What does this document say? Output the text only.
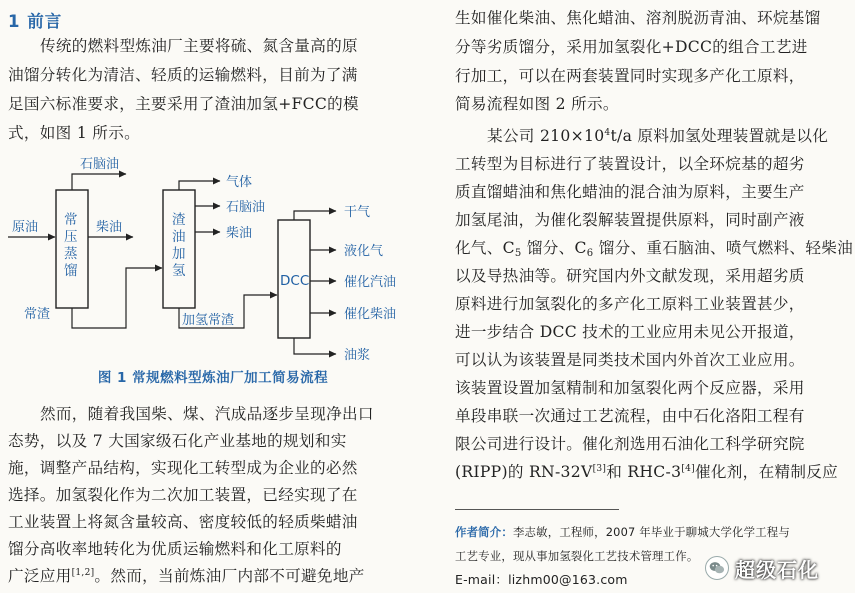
1 前言
传统的燃料型炼油厂主要将硫、氮含量高的原
油馏分转化为清洁、轻质的运输燃料，目前为了满
足国六标准要求，主要采用了渣油加氢+FCC的模
式，如图 1 所示。
原油
石脑油
柴油
常渣
常
压
蒸
馏
渣
油
加
氢
气体
石脑油
柴油
加氢常渣
DCC
干气
液化气
催化汽油
催化柴油
油浆
图 1 常规燃料型炼油厂加工简易流程
然而，随着我国柴、煤、汽成品逐步呈现净出口
态势，以及 7 大国家级石化产业基地的规划和实
施，调整产品结构，实现化工转型成为企业的必然
选择。加氢裂化作为二次加工装置，已经实现了在
工业装置上将氮含量较高、密度较低的轻质柴蜡油
馏分高收率地转化为优质运输燃料和化工原料的
广泛应用[1,2]。然而，当前炼油厂内部不可避免地产
生如催化柴油、焦化蜡油、溶剂脱沥青油、环烷基馏
分等劣质馏分，采用加氢裂化+DCC的组合工艺进
行加工，可以在两套装置同时实现多产化工原料，
简易流程如图 2 所示。
某公司 $210\times 10^4t/a$ 原料加氢处理装置就是以化
工转型为目标进行了装置设计，以全环烷基的超劣
质直馏蜡油和焦化蜡油的混合油为原料，主要生产
加氢尾油，为催化裂解装置提供原料，同时副产液
化气、$C_5$ 馏分、$C_6$ 馏分、重石脑油、喷气燃料、轻柴油
以及导热油等。研究国内外文献发现，采用超劣质
原料进行加氢裂化的多产化工原料工业装置甚少，
进一步结合 DCC 技术的工业应用未见公开报道，
可以认为该装置是同类技术国内外首次工业应用。
该装置设置加氢精制和加氢裂化两个反应器，采用
单段串联一次通过工艺流程，由中石化洛阳工程有
限公司进行设计。催化剂选用石油化工科学研究院
(RIPP)的 RN-32V[3]和 RHC-3[4]催化剂，在精制反应
作者简介：李志敏，工程师，2007 年毕业于聊城大学化学工程与
工艺专业，现从事加氢裂化工艺技术管理工作。
E-mail：lizhm00@163.com	超级石化
